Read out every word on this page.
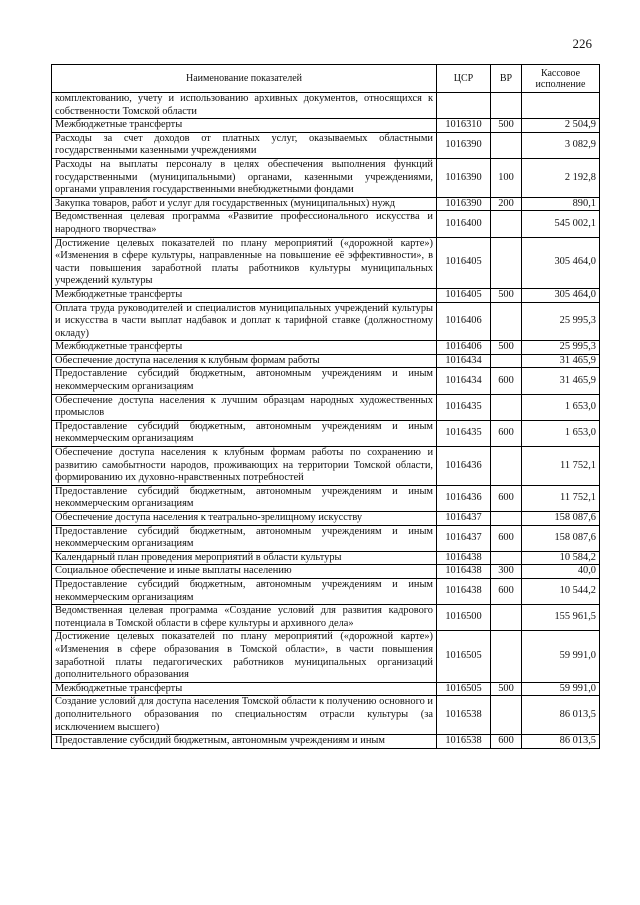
226
Наименование показателей	ЦСР	ВР	Кассовое исполнение
комплектованию, учету и использованию архивных документов, относящихся к собственности Томской области			
Межбюджетные трансферты	1016310	500	2 504,9
Расходы за счет доходов от платных услуг, оказываемых областными государственными казенными учреждениями	1016390		3 082,9
Расходы на выплаты персоналу в целях обеспечения выполнения функций государственными (муниципальными) органами, казенными учреждениями, органами управления государственными внебюджетными фондами	1016390	100	2 192,8
Закупка товаров, работ и услуг для государственных (муниципальных) нужд	1016390	200	890,1
Ведомственная целевая программа «Развитие профессионального искусства и народного творчества»	1016400		545 002,1
Достижение целевых показателей по плану мероприятий («дорожной карте») «Изменения в сфере культуры, направленные на повышение её эффективности», в части повышения заработной платы работников культуры муниципальных учреждений культуры	1016405		305 464,0
Межбюджетные трансферты	1016405	500	305 464,0
Оплата труда руководителей и специалистов муниципальных учреждений культуры и искусства в части выплат надбавок и доплат к тарифной ставке (должностному окладу)	1016406		25 995,3
Межбюджетные трансферты	1016406	500	25 995,3
Обеспечение доступа населения к клубным формам работы	1016434		31 465,9
Предоставление субсидий бюджетным, автономным учреждениям и иным некоммерческим организациям	1016434	600	31 465,9
Обеспечение доступа населения к лучшим образцам народных художественных промыслов	1016435		1 653,0
Предоставление субсидий бюджетным, автономным учреждениям и иным некоммерческим организациям	1016435	600	1 653,0
Обеспечение доступа населения к клубным формам работы по сохранению и развитию самобытности народов, проживающих на территории Томской области, формированию их духовно-нравственных потребностей	1016436		11 752,1
Предоставление субсидий бюджетным, автономным учреждениям и иным некоммерческим организациям	1016436	600	11 752,1
Обеспечение доступа населения к театрально-зрелищному искусству	1016437		158 087,6
Предоставление субсидий бюджетным, автономным учреждениям и иным некоммерческим организациям	1016437	600	158 087,6
Календарный план проведения мероприятий в области культуры	1016438		10 584,2
Социальное обеспечение и иные выплаты населению	1016438	300	40,0
Предоставление субсидий бюджетным, автономным учреждениям и иным некоммерческим организациям	1016438	600	10 544,2
Ведомственная целевая программа «Создание условий для развития кадрового потенциала в Томской области в сфере культуры и архивного дела»	1016500		155 961,5
Достижение целевых показателей по плану мероприятий («дорожной карте») «Изменения в сфере образования в Томской области», в части повышения заработной платы педагогических работников муниципальных организаций дополнительного образования	1016505		59 991,0
Межбюджетные трансферты	1016505	500	59 991,0
Создание условий для доступа населения Томской области к получению основного и дополнительного образования по специальностям отрасли культуры (за исключением высшего)	1016538		86 013,5
Предоставление субсидий бюджетным, автономным учреждениям и иным	1016538	600	86 013,5
